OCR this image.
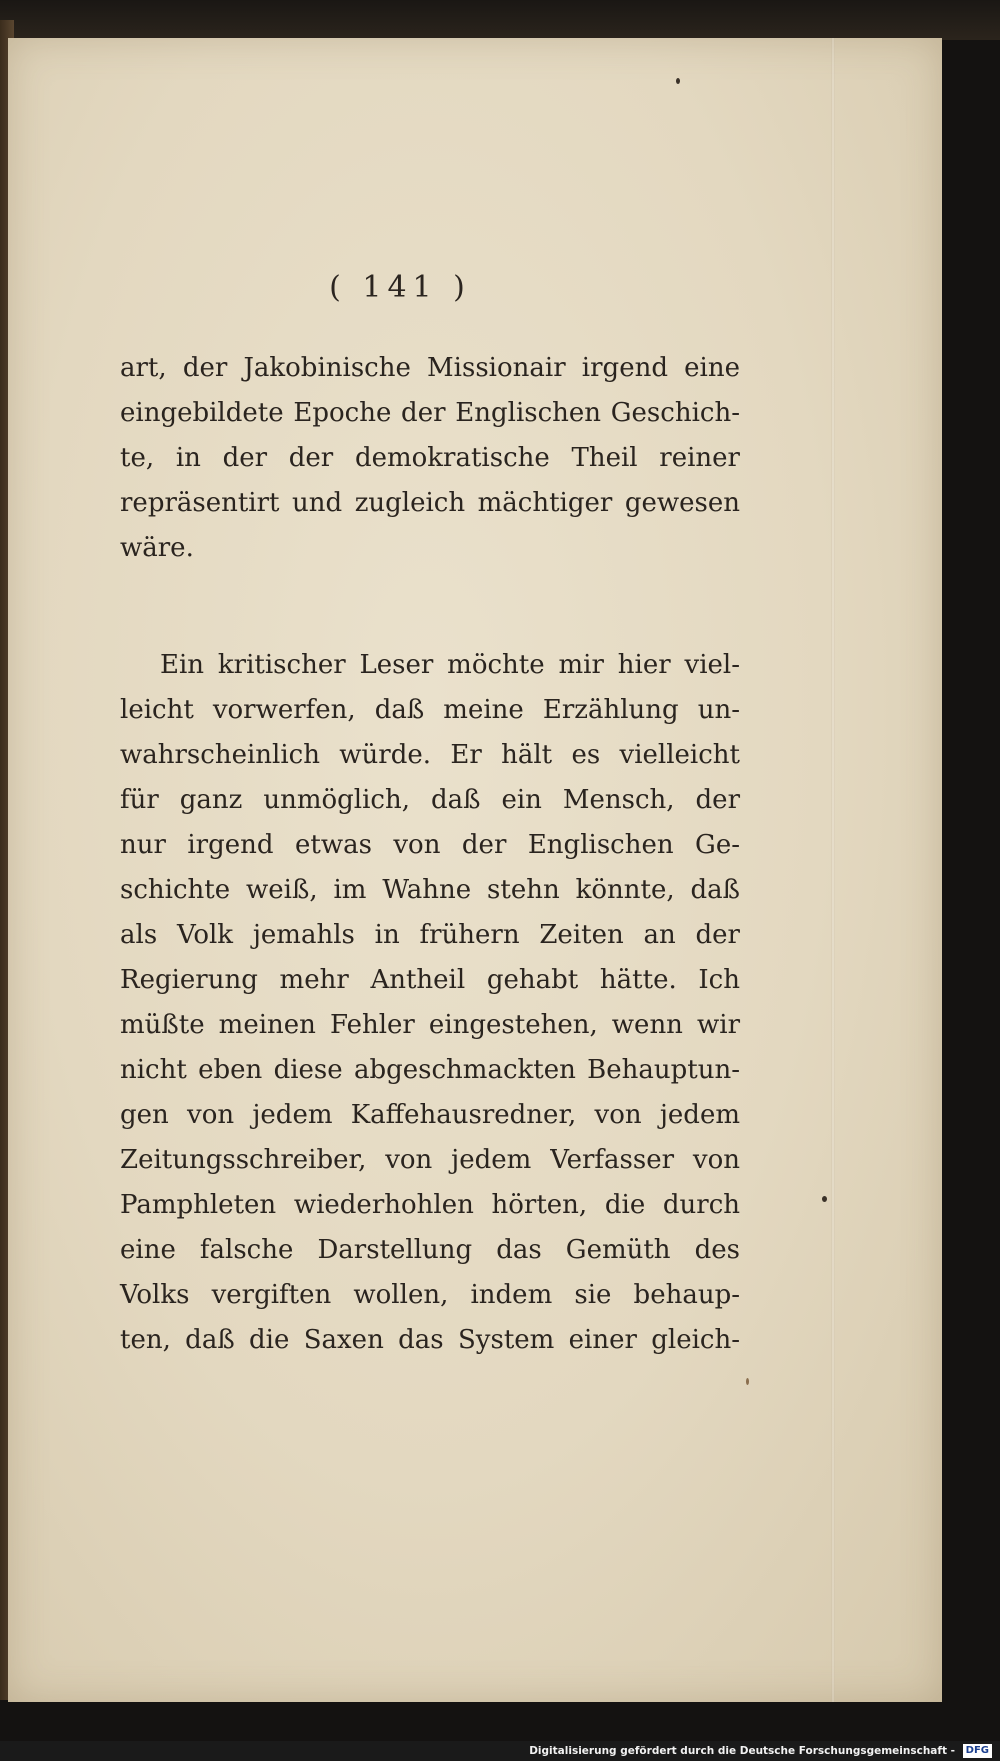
( 141 )
art, der Jakobinische Missionair irgend eine
eingebildete Epoche der Englischen Geschich-
te, in der der demokratische Theil reiner
repräsentirt und zugleich mächtiger gewesen
wäre.
Ein kritischer Leser möchte mir hier viel-
leicht vorwerfen, daß meine Erzählung un-
wahrscheinlich würde. Er hält es vielleicht
für ganz unmöglich, daß ein Mensch, der
nur irgend etwas von der Englischen Ge-
schichte weiß, im Wahne stehn könnte, daß
als Volk jemahls in frühern Zeiten an der
Regierung mehr Antheil gehabt hätte. Ich
müßte meinen Fehler eingestehen, wenn wir
nicht eben diese abgeschmackten Behauptun-
gen von jedem Kaffehausredner, von jedem
Zeitungsschreiber, von jedem Verfasser von
Pamphleten wiederhohlen hörten, die durch
eine falsche Darstellung das Gemüth des
Volks vergiften wollen, indem sie behaup-
ten, daß die Saxen das System einer gleich-
Digitalisierung gefördert durch die Deutsche Forschungsgemeinschaft - DFG
